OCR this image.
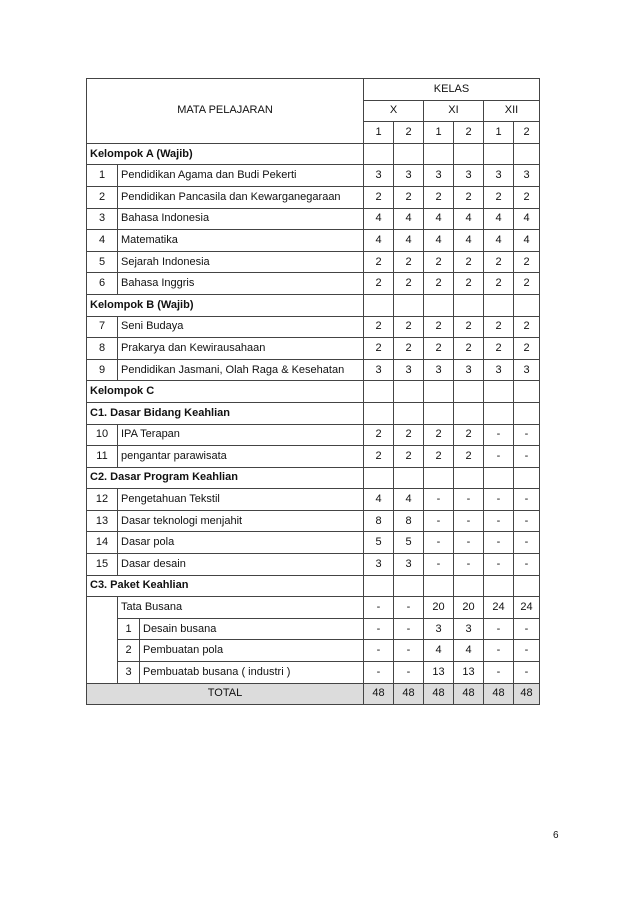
MATA PELAJARAN			KELAS					
			X		XI		XII	
			1	2	1	2	1	2
Kelompok A (Wajib)								
1	Pendidikan Agama dan Budi Pekerti		3	3	3	3	3	3
2	Pendidikan Pancasila dan Kewarganegaraan		2	2	2	2	2	2
3	Bahasa Indonesia		4	4	4	4	4	4
4	Matematika		4	4	4	4	4	4
5	Sejarah Indonesia		2	2	2	2	2	2
6	Bahasa Inggris		2	2	2	2	2	2
Kelompok B (Wajib)								
7	Seni Budaya		2	2	2	2	2	2
8	Prakarya dan Kewirausahaan		2	2	2	2	2	2
9	Pendidikan Jasmani, Olah Raga & Kesehatan		3	3	3	3	3	3
Kelompok C								
C1. Dasar Bidang Keahlian								
10	IPA Terapan		2	2	2	2	-	-
11	pengantar parawisata		2	2	2	2	-	-
C2. Dasar Program Keahlian								
12	Pengetahuan Tekstil		4	4	-	-	-	-
13	Dasar teknologi menjahit		8	8	-	-	-	-
14	Dasar pola		5	5	-	-	-	-
15	Dasar desain		3	3	-	-	-	-
C3. Paket Keahlian								
	Tata Busana		-	-	20	20	24	24
	1	Desain busana	-	-	3	3	-	-
	2	Pembuatan pola	-	-	4	4	-	-
	3	Pembuatab busana ( industri )	-	-	13	13	-	-
TOTAL			48	48	48	48	48	48
6
